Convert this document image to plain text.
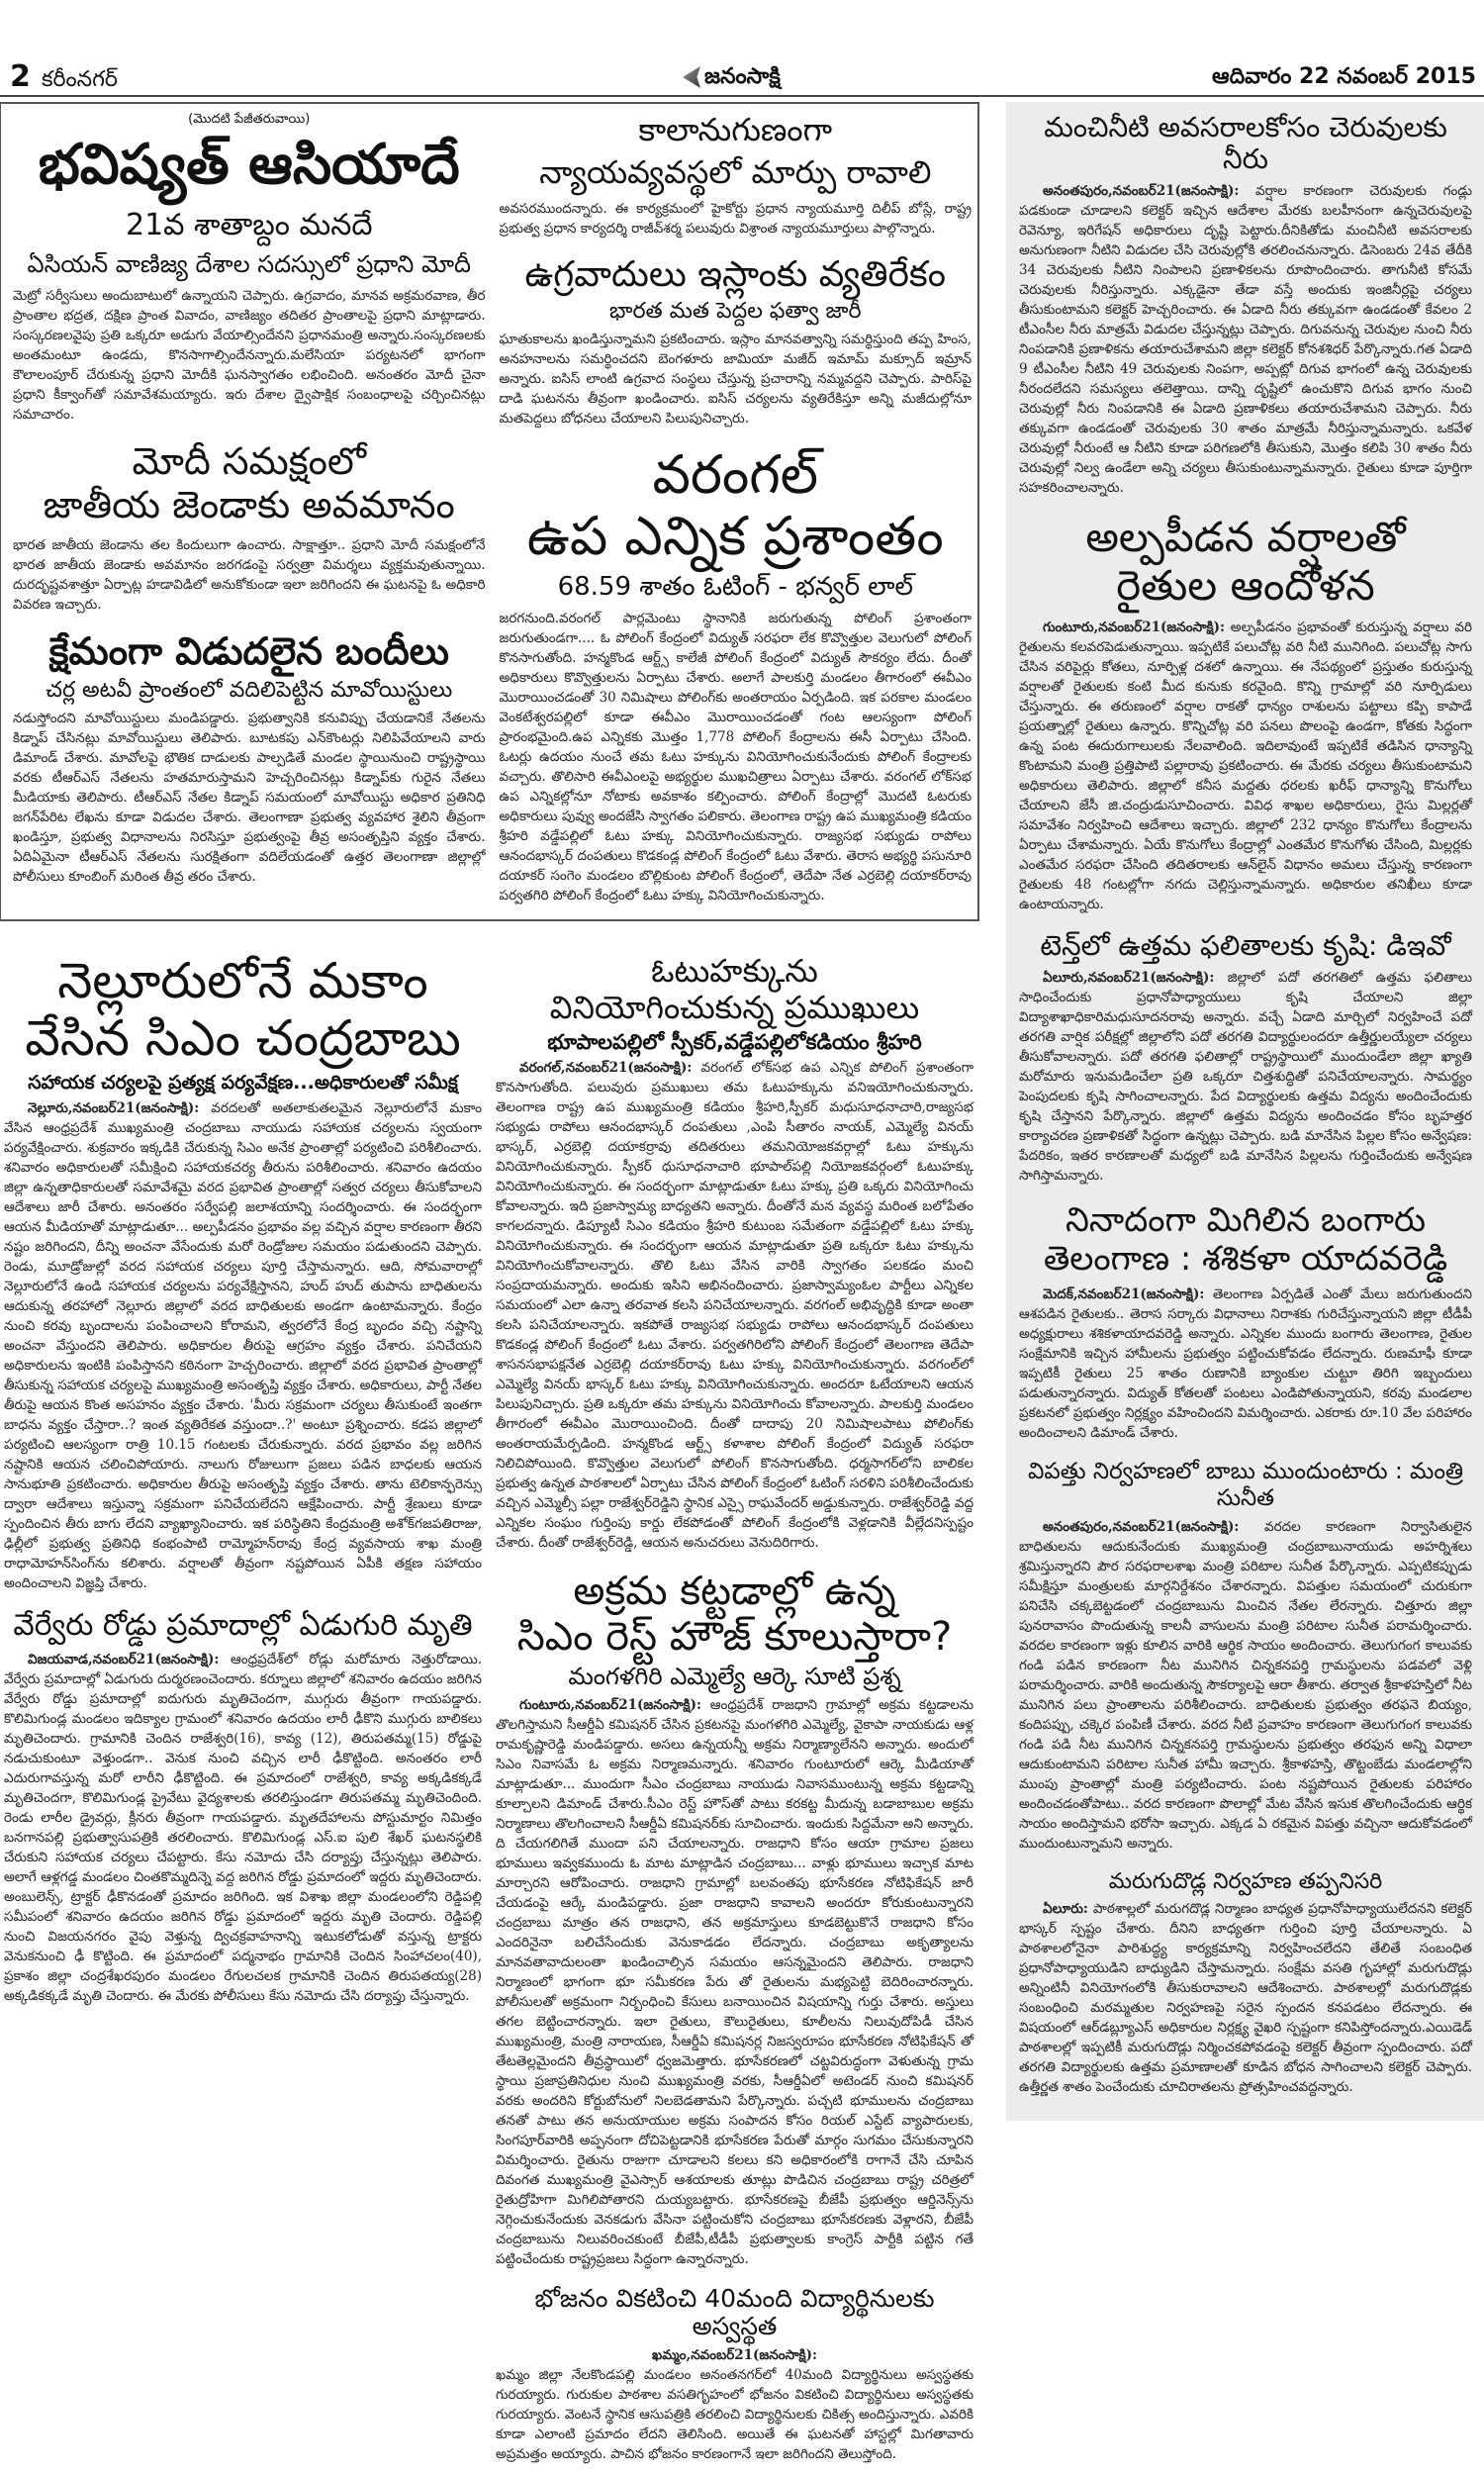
2 కరీంనగర్	జనంసాక్షి	ఆదివారం 22 నవంబర్ 2015

(మొదటి పేజీతరువాయి)

భవిష్యత్ ఆసియాదే
21వ శాతాబ్దం మనదే
ఏసియన్ వాణిజ్య దేశాల సదస్సులో ప్రధాని మోదీ

మెట్రో సర్వీసులు అందుబాటులో ఉన్నాయని చెప్పారు. ఉగ్రవాదం, మానవ అక్రమరవాణ, తీర ప్రాంతాల భద్రత, దక్షిణ ప్రాంత వివాదం, వాణిజ్యం తదితర ప్రాంతాలపై ప్రధాని మాట్లాడారు. సంస్కరణలవైపు ప్రతి ఒక్కరూ అడుగు వేయాల్సిందేనని ప్రధానమంత్రి అన్నారు.సంస్కరణలకు అంతమంటూ ఉండదు, కొనసాగాల్సిందేనన్నారు.మలేసియా పర్యటనలో భాగంగా కౌలాలంపూర్ చేరుకున్న ప్రధాని మోదీకి ఘనస్వాగతం లభించింది. అనంతరం మోదీ చైనా ప్రధాని కీక్వాంగ్‌తో సమావేశమయ్యారు. ఇరు దేశాల ద్వైపాక్షిక సంబంధాలపై చర్చించినట్లు సమాచారం.

మోదీ సమక్షంలో
జాతీయ జెండాకు అవమానం

భారత జాతీయ జెండాను తల కిందులుగా ఉంచారు. సాక్షాత్తూ.. ప్రధాని మోదీ సమక్షంలోనే భారత జాతీయ జెండాకు అవమానం జరగడంపై సర్వత్రా విమర్శలు వ్యక్తమవుతున్నాయి. దురదృష్టవశాత్తూ ఏర్పాట్ల హడావిడిలో అనుకోకుండా ఇలా జరిగిందని ఈ ఘటనపై ఓ అధికారి వివరణ ఇచ్చారు.

క్షేమంగా విడుదలైన బందీలు
చర్ల అటవీ ప్రాంతంలో వదిలిపెట్టిన మావోయిస్టులు

నడుస్తోందని మావోయిస్టులు మండిపడ్డారు. ప్రభుత్వానికి కనువిప్పు చేయడానికే నేతలను కిడ్నాప్ చేసినట్లు మావోయిస్టులు తెలిపారు. బూటకపు ఎన్‌కౌంటర్లు నిలిపివేయాలని వారు డిమాండ్ చేశారు. మావోలపై భౌతిక దాడులకు పాల్పడితే మండల స్థాయినుంచి రాష్ట్రస్థాయి వరకు టీఆర్ఎస్ నేతలను హతమారుస్తామని హెచ్చరించినట్లు కిడ్నాప్‌కు గురైన నేతలు మీడియాకు తెలిపారు. టీఆర్ఎస్ నేతల కిడ్నాప్ సమయంలో మావోయిస్టు అధికార ప్రతినిధి జగన్‌పేరిట లేఖను కూడా విడుదల చేశారు. తెలంగాణా ప్రభుత్వ వ్యవహార శైలిని తీవ్రంగా ఖండిస్తూ, ప్రభుత్వ విధానాలను నిరసిస్తూ ప్రభుత్వంపై తీవ్ర అసంతృప్తిని వ్యక్తం చేశారు. ఏదిఏమైనా టీఆర్ఎస్ నేతలను సురక్షితంగా వదిలేయడంతో ఉత్తర తెలంగాణా జిల్లాల్లో పోలీసులు కూంబింగ్ మరింత తీవ్ర తరం చేశారు.

కాలానుగుణంగా
న్యాయవ్యవస్థలో మార్పు రావాలి

అవసరముందన్నారు. ఈ కార్యక్రమంలో హైకోర్టు ప్రధాన న్యాయమూర్తి దిలీప్ బోస్లే, రాష్ట్ర ప్రభుత్వ ప్రధాన కార్యదర్శి రాజీవ్‌శర్మ పలువురు విశ్రాంత న్యాయమూర్తులు పాల్గొన్నారు.

ఉగ్రవాదులు ఇస్లాంకు వ్యతిరేకం
భారత మత పెద్దల ఫత్వా జారీ

ఘాతుకాలను ఖండిస్తున్నామని ప్రకటించారు. ఇస్లాం మానవత్వాన్ని సమర్థిస్తుంది తప్ప హింస, అనహనాలను సమర్థించదని బెంగళూరు జామియా మజీద్ ఇమామ్ మక్సూద్ ఇమ్రాన్ అన్నారు. ఐసిస్ లాంటి ఉగ్రవాద సంస్థలు చేస్తున్న ప్రచారాన్ని నమ్మవద్దని చెప్పారు. పారిస్‌పై దాడి ఘటనను తీవ్రంగా ఖండించారు. ఐసిస్ చర్యలను వ్యతిరేకిస్తూ అన్ని మజీదుల్లోనూ మతపెద్దలు బోధనలు చేయాలని పిలుపునిచ్చారు.

వరంగల్
ఉప ఎన్నిక ప్రశాంతం
68.59 శాతం ఓటింగ్ - భన్వర్ లాల్

జరగనుంది.వరంగల్ పార్లమెంటు స్థానానికి జరుగుతున్న పోలింగ్ ప్రశాంతంగా జరుగుతుండగా.... ఓ పోలింగ్ కేంద్రంలో విద్యుత్ సరఫరా లేక కొవ్వొత్తుల వెలుగులో పోలింగ్ కొనసాగుతోంది. హన్మకొండ ఆర్ట్స్ కాలేజీ పోలింగ్ కేంద్రంలో విద్యుత్ సౌకర్యం లేదు. దీంతో అధికారులు కొవ్వొత్తులను ఏర్పాటు చేశారు. అలాగే పాలకుర్తి మండలం తీగారంలో ఈవీఎం మొరాయించడంతో 30 నిమిషాలు పోలింగ్‌కు అంతరాయం ఏర్పడింది. ఇక పరకాల మండలం వెంకటేశ్వరపల్లిలో కూడా ఈవీఎం మొరాయించడంతో గంట ఆలస్యంగా పోలింగ్ ప్రారంభమైంది.ఉప ఎన్నికకు మొత్తం 1,778 పోలింగ్ కేంద్రాలను ఈసీ ఏర్పాటు చేసింది. ఓటర్లు ఉదయం నుంచే తమ ఓటు హక్కును వినియోగించుకునేందుకు పోలింగ్ కేంద్రాలకు వచ్చారు. తొలిసారి ఈవీఎంలపై అభ్యర్థుల ముఖచిత్రాలు ఏర్పాటు చేశారు. వరంగల్ లోక్‌సభ ఉప ఎన్నికల్లోనూ నోటాకు అవకాశం కల్పించారు. పోలింగ్ కేంద్రాల్లో మొదటి ఓటరుకు అధికారులు పువ్వు అందజేసి స్వాగతం పలికారు. తెలంగాణ రాష్ట్ర ఉప ముఖ్యమంత్రి కడియం శ్రీహరి వడ్డేపల్లిలో ఓటు హక్కు వినియోగించుకున్నారు. రాజ్యసభ సభ్యుడు రాపోలు ఆనందభాస్కర్ దంపతులు కొడకండ్ల పోలింగ్ కేంద్రంలో ఓటు వేశారు. తెరాస అభ్యర్థి పసునూరి దయాకర్ సంగెం మండలం బొల్లికుంట పోలింగ్ కేంద్రంలో, తెదేపా నేత ఎర్రబెల్లి దయాకర్‌రావు పర్వతగిరి పోలింగ్ కేంద్రంలో ఓటు హక్కు వినియోగించుకున్నారు.

నెల్లూరులోనే మకాం
వేసిన సిఎం చంద్రబాబు
సహాయక చర్యలపై ప్రత్యక్ష పర్యవేక్షణ...అధికారులతో సమీక్ష

నెల్లూరు,నవంబర్21(జనంసాక్షి): వరదలతో అతలాకుతలమైన నెల్లూరులోనే మకాం వేసిన ఆంధ్రప్రదేశ్ ముఖ్యమంత్రి చంద్రబాబు నాయుడు సహాయక చర్యలను స్వయంగా పర్యవేక్షించారు. శుక్రవారం ఇక్కడికి చేరుకున్న సిఎం అనేక ప్రాంతాల్లో పర్యటించి పరిశీలించారు. శనివారం అధికారులతో సమీక్షించి సహాయకచర్య తీరును పరిశీలించారు. శనివారం ఉదయం జిల్లా ఉన్నతాధికారులతో సమావేశమై వరద ప్రభావిత ప్రాంతాల్లో సత్వర చర్యలు తీసుకోవాలని ఆదేశాలు జారీ చేశారు. అనంతరం సర్వేపల్లి జలాశయాన్ని సందర్శించారు. ఈ సందర్భంగా ఆయన మీడియాతో మాట్లాడుతూ... అల్పపీడనం ప్రభావం వల్ల వచ్చిన వర్షాల కారణంగా తీరని నష్టం జరిగిందని, దీన్ని అంచనా వేసేందుకు మరో రెండ్రోజుల సమయం పడుతుందని చెప్పారు. రెండు, మూడ్రోజుల్లో వరద సహాయక చర్యలు పూర్తి చేస్తామన్నారు. ఆది, సోమవారాల్లో నెల్లూరులోనే ఉండి సహాయక చర్యలను పర్యవేక్షిస్తానని, హుద్ హుద్ తుపాను బాధితులను ఆదుకున్న తరహాలో నెల్లూరు జిల్లాలో వరద బాధితులకు అండగా ఉంటామన్నారు. కేంద్రం నుంచి కరవు బృందాలను పంపించాలని కోరామని, త్వరలోనే కేంద్ర బృందం వచ్చి నష్టాన్ని అంచనా వేస్తుందని తెలిపారు. అధికారుల తీరుపై ఆగ్రహం వ్యక్తం చేశారు. పనిచేయని అధికారులను ఇంటికి పంపిస్తానని కఠినంగా హెచ్చరించారు. జిల్లాలో వరద ప్రభావిత ప్రాంతాల్లో తీసుకున్న సహాయక చర్యలపై ముఖ్యమంత్రి అసంతృప్తి వ్యక్తం చేశారు. అధికారులు, పార్టీ నేతల తీరుపై ఆయన కొంత అసహనం వ్యక్తం చేశారు. 'మీరు సక్రమంగా చర్యలు తీసుకుంటే ఇంతగా బాధను వ్యక్తం చేస్తారా..? ఇంత వ్యతిరేకత వస్తుందా..?' అంటూ ప్రశ్నించారు. కడప జిల్లాలో పర్యటించి ఆలస్యంగా రాత్రి 10.15 గంటలకు చేరుకున్నారు. వరద ప్రభావం వల్ల జరిగిన నష్టానికి ఆయన చలించిపోయారు. నాలుగు రోజులుగా ప్రజలు పడిన బాధలకు ఆయన సానుభూతి ప్రకటించారు. అధికారుల తీరుపై అసంతృప్తి వ్యక్తం చేశారు. తాను టెలికాన్ఫరెన్సు ద్వారా ఆదేశాలు ఇస్తున్నా సక్రమంగా పనిచేయలేదని ఆక్షేపించారు. పార్టీ శ్రేణులు కూడా స్పందించిన తీరు బాగు లేదని వ్యాఖ్యానించారు. ఇక పరిస్థితిని కేంద్రమంత్రి అశోక్‌గజపతిరాజు, ఢిల్లీలో ప్రభుత్వ ప్రతినిధి కంభంపాటి రామ్మోహన్‌రావు కేంద్ర వ్యవసాయ శాఖ మంత్రి రాధామోహన్‌సింగ్‌ను కలిశారు. వర్షాలతో తీవ్రంగా నష్టపోయిన ఏపీకి తక్షణ సహాయం అందించాలని విజ్ఞప్తి చేశారు.

వేర్వేరు రోడ్డు ప్రమాదాల్లో ఏడుగురి మృతి

విజయవాడ,నవంబర్21(జనంసాక్షి): ఆంధ్రప్రదేశ్‌లో రోడ్లు మరోమారు నెత్తురోడాయి. వేర్వేరు ప్రమాదాల్లో ఏడుగురు దుర్మరణంచెందారు. కర్నూలు జిల్లాలో శనివారం ఉదయం జరిగిన వేర్వేరు రోడ్డు ప్రమాదాల్లో ఐదుగురు మృతిచెందగా, ముగ్గురు తీవ్రంగా గాయపడ్డారు. కొలిమిగుండ్ల మండలం ఇదిక్యాల గ్రామంలో శనివారం ఉదయం లారీ ఢీకొని ముగ్గురు బాలికలు మృతిచెందారు. గ్రామానికి చెందిన రాజేశ్వరి(16), కావ్య (12), తిరుపతమ్మ(15) రోడ్డుపై నడుచుకుంటూ వెళ్తుండగా.. వెనుక నుంచి వచ్చిన లారీ ఢీకొట్టింది. అనంతరం లారీ ఎదురుగావస్తున్న మరో లారీని ఢీకొట్టింది. ఈ ప్రమాదంలో రాజేశ్వరి, కావ్య అక్కడికక్కడే మృతిచెందగా, కొలిమిగుండ్ల ప్రైవేటు వైద్యశాలకు తరలిస్తుండగా తిరుపతమ్మ మృతిచెందింది. రెండు లారీల డ్రైవర్లు, క్లీనరు తీవ్రంగా గాయపడ్డారు. మృతదేహాలను పోస్టుమార్టం నిమిత్తం బనగానపల్లి ప్రభుత్వాసుపత్రికి తరలించారు. కొలిమిగుండ్ల ఎస్.ఐ పులి శేఖర్ ఘటనస్థలికి చేరుకుని సహాయక చర్యలు చేపట్టారు. కేసు నమోదు చేసి దర్యాప్తు చేస్తున్నట్లు తెలిపారు. అలాగే ఆళ్లగడ్డ మండలం చింతకొమ్మదిన్నె వద్ద జరిగిన రోడ్డు ప్రమాదంలో ఇద్దరు మృతిచెందారు. అంబులెన్స్, ట్రాక్టర్ ఢీకొనడంతో ప్రమాదం జరిగింది. ఇక విశాఖ జిల్లా మండలంలోని రెడ్డిపల్లి సమీపంలో శనివారం ఉదయం జరిగిన రోడ్డు ప్రమాదంలో ఇద్దరు మృతి చెందారు. రెడ్డిపల్లి నుంచి విజయనగరం వైపు వెళ్తున్న ద్విచక్రవాహనాన్ని ఇటుకలోడుతో వస్తున్న ట్రాక్టరు వెనుకనుంచి ఢీ కొట్టింది. ఈ ప్రమాదంలో పద్మనాభం గ్రామానికి చెందిన సింహాచలం(40), ప్రకాశం జిల్లా చంద్రశేఖరపురం మండలం రేగులచలక గ్రామానికి చెందిన తిరుపతయ్య(28) అక్కడికక్కడే మృతి చెందారు. ఈ మేరకు పోలీసులు కేసు నమోదు చేసి దర్యాప్తు చేస్తున్నారు.

ఓటుహక్కును
వినియోగించుకున్న ప్రముఖులు
భూపాలపల్లిలో స్పీకర్,వడ్డేపల్లిలోకడియం శ్రీహరి

వరంగల్,నవంబర్21(జనంసాక్షి): వరంగల్ లోక్‌సభ ఉప ఎన్నిక పోలింగ్ ప్రశాంతంగా కొనసాగుతోంది. పలువురు ప్రముఖులు తమ ఓటుహక్కును వనిఇయోగించుకున్నారు. తెలంగాణ రాష్ట్ర ఉప ముఖ్యమంత్రి కడియం శ్రీహరి,స్పీకర్ మధుసూధనాచారి,రాజ్యసభ సభ్యుడు రాపోలు ఆనందభాస్కర్ దంపతులు ,ఎంపి సీతారం నాయక్, ఎమ్మెల్యే వినయ్ భాస్కర్, ఎర్రబెల్లి దయాకర్రావు తదితరులు తమనియోజకవర్గాల్లో ఓటు హక్కును వినియోగించుకున్నారు. స్పీకర్ ధుసూధనాచారి భూపాల్‌పల్లి నియోజకవర్గంలో ఓటుహక్కు వినియోగించుకున్నారు. ఈ సందర్భంగా మాట్లాడుతూ ఓటు హక్కు ప్రతి ఒక్కరు వినియోగించు కోవాలన్నారు. ఇది ప్రజాస్వామ్య బాధ్యతని అన్నారు. దీంతోనే మన వ్యవస్థ మరింత బలోపేతం కాగలదన్నారు. డిప్యూటీ సిఎం కడియం శ్రీహరి కుటుంబ సమేతంగా వడ్డేపల్లిలో ఓటు హక్కు వినియోగించుకున్నారు. ఈ సందర్భంగా ఆయన మాట్లాడుతూ ప్రతి ఒక్కరూ ఓటు హక్కును వినియోగించుకోవాలన్నారు. తొలి ఓటు వేసిన వారికి స్వాగతం పలకడం మంచి సంప్రదాయమన్నారు. అందుకు ఇసిని అభినందించారు. ప్రజాస్వామ్యంఓల పార్టీలు ఎన్నికల సమయంలో ఎలా ఉన్నా తరవాత కలసి పనిచేయాలన్నారు. వరగంల్ అభివృద్ధికి కూడా అంతా కలసి పనిచేయాలన్నారు. ఇకపోతే రాజ్యసభ సభ్యుడు రాపోలు ఆనందభాస్కర్ దంపతులు కొడకండ్ల పోలింగ్ కేంద్రంలో ఓటు వేశారు. పర్వతగిరిలోని పోలింగ్ కేంద్రంలో తెలంగాణ తెదేపా శాసనసభాపక్షనేత ఎర్రబెల్లి దయాకర్‌రావు ఓటు హక్కు వినియోగించుకున్నారు. వరగంల్‌లో ఎమ్మెల్యే వినయ్ భాస్కర్ ఓటు హక్కు వినియోగించుకున్నారు. అందరూ ఓటేయాలని ఆయన పిలుపునిచ్చారు. ప్రతి ఒక్కరూ తమ హక్కును వినియోగించు కోవాలన్నారు. పాలకుర్తి మండలం తీగారంలో ఈవీఎం మొరాయించింది. దీంతో దాదాపు 20 నిమిషాలపాటు పోలింగ్‌కు అంతరాయమేర్పడింది. హన్మకొండ ఆర్ట్స్ కళాశాల పోలింగ్ కేంద్రంలో విద్యుత్ సరఫరా నిలిచిపోయింది. కొవ్వొత్తుల వెలుగులో పోలింగ్ కొనసాగుతోంది. ధర్మసాగర్‌లోని బాలికల ప్రభుత్వ ఉన్నత పాఠశాలలో ఏర్పాటు చేసిన పోలింగ్ కేంద్రంలో ఓటింగ్ సరళిని పరిశీలించేందుకు వచ్చిన ఎమ్మెల్సీ పల్లా రాజేశ్వర్‌రెడ్డిని స్థానిక ఎస్సై రాఘవేందర్ అడ్డుకున్నారు. రాజేశ్వర్‌రెడ్డి వద్ద ఎన్నికల సంఘం గుర్తింపు కార్డు లేకపోడంతో పోలింగ్ కేంద్రంలోకి వెళ్లడానికి వీల్లేదనిస్పష్టం చేశారు. దీంతో రాజేశ్వర్‌రెడ్డి, ఆయన అనుచరులు వెనుదిరిగారు.

అక్రమ కట్టడాల్లో ఉన్న
సిఎం రెస్ట్ హౌజ్ కూలుస్తారా?
మంగళగిరి ఎమ్మెల్యే ఆర్కె సూటి ప్రశ్న

గుంటూరు,నవంబర్21(జనంసాక్షి): ఆంధ్రప్రదేశ్ రాజధాని గ్రామాల్లో అక్రమ కట్టడాలను తొలగిస్తామని సీఆర్డీఏ కమిషనర్ చేసిన ప్రకటనపై మంగళగిరి ఎమ్మెల్యే, వైకాపా నాయకుడు ఆళ్ల రామకృష్ణారెడ్డి మండిపడ్డారు. అసలు ఉన్నయన్నీ అక్రమ నిర్మాణ్యాలేనని అన్నారు. అందులో సిఎం నివాసమే ఓ అక్రమ నిర్మాణమన్నారు. శనివారం గుంటూరులో ఆర్కె మీడియాతో మాట్లాడుతూ... ముందుగా సీఎం చంద్రబాబు నాయుడు నివాసముంటున్న అక్రమ కట్టడాన్ని కూల్చాలని డిమాండ్ చేశారు.సీఎం రెస్ట్ హౌస్‌తో పాటు కరకట్ట మీదున్న బడాబాబుల అక్రమ నిర్మాణాలు తొలగించాలని సీఆర్డీఏ కమిషనర్‌కు సూచించారు. ఇందుకు సిద్దమేనా అని అన్నారు. ది చేయగలిగితే ముందా పని చేయాలన్నారు. రాజధాని కోసం ఆయా గ్రామాల ప్రజలు భూములు ఇవ్వకముందు ఓ మాట మాట్లాడిన చంద్రబాబు... వాళ్లు భూములు ఇచ్చాక మాట మార్చారని ఆరోపించారు. రాజధాని గ్రామాల్లో బలవంతపు భూసేకరణ నోటిఫికేషన్ జారీ చేయడంపై ఆర్కే మండిపడ్డారు. ప్రజా రాజధాని కావాలని అందరూ కోరుకుంటున్నారని చంద్రబాబు మాత్రం తన రాజధాని, తన అక్రమాస్తులు కూడబెట్టుకొనే రాజధాని కోసం ఎందరినైనా బలిచేసేందుకు వెనుకాడడం లేదన్నారు. చంద్రబాబు అకృత్యాలను మానవతావాదులంతా ఖండించాల్సిన సమయం ఆసన్నమైందని తెలిపారు. రాజధాని నిర్మాణంలో భాగంగా భూ సమీకరణ పేరు తో రైతులను మభ్యపెట్టి బెదిరించారన్నారు. పోలీసులతో అక్రమంగా నిర్బంధించి కేసులు బనాయించిన విషయాన్ని గుర్తు చేశారు. అస్తులు తగల బెట్టించారన్నారు. ఇలా రైతులు, కౌలురైతులు, కూలీలను నిలువుదోపిడీ చేసిన ముఖ్యమంత్రి, మంత్రి నారాయణ, సీఆర్డీఏ కమిషనర్ల నిజస్వరూపం భూసేకరణ నోటిఫికేషన్ తో తేటతెల్లమైందని తీవ్రస్థాయిలో ధ్వజమెత్తారు. భూసేకరణలో చట్టవిరుద్ధంగా వెళుతున్న గ్రామ స్థాయి ప్రజాప్రతినిధుల నుంచి ముఖ్యమంత్రి వరకు, సీఆర్డీఏలో అటెండర్ నుంచి కమిషనర్ వరకు అందరిని కోర్టుబోనులో నిలబెడతామని పేర్కొన్నారు. పచ్చటి భూములను చంద్రబాబు తనతో పాటు తన అనుయాయుల అక్రమ సంపాదన కోసం రియల్ ఎస్టేట్ వ్యాపారులకు, సింగపూర్‌వారికి అప్పనంగా దోచిపెట్టడానికి భూసేకరణ పేరుతో మార్గం సుగమం చేసుకున్నారని విమర్శించారు. రైతును రాజుగా చూడాలని కలలు కని అధికారంలోకి రాగానే చేసి చూపిన దివంగత ముఖ్యమంత్రి వైఎస్సార్ ఆశయాలకు తూట్లు పొడిచిన చంద్రబాబు రాష్ట్ర చరిత్రలో రైతుద్రోహిగా మిగిలిపోతారని దుయ్యబట్టారు. భూసేకరణపై బీజేపీ ప్రభుత్వం ఆర్డినెన్స్‌ను నెగ్గించుకునేందుకు వెనకడుగు వేసినా పట్టించుకోని చంద్రబాబు భూసేకరణకు వెళ్లారని, బీజేపీ చంద్రబాబును నిలువరించకుంటే బీజేపీ,టీడీపీ ప్రభుత్వాలకు కాంగ్రెస్ పార్టీకి పట్టిన గతే పట్టించేందుకు రాష్ట్రప్రజలు సిద్ధంగా ఉన్నారన్నారు.

భోజనం వికటించి 40మంది విద్యార్థినులకు అస్వస్థత

ఖమ్మం,నవంబర్21(జనంసాక్షి):

ఖమ్మం జిల్లా నేలకొండపల్లి మండలం అనంతనగర్‌లో 40మంది విద్యార్థినులు అస్వస్థతకు గురయ్యారు. గురుకుల పాఠశాల వసతిగృహంలో భోజనం వికటించి విద్యార్థినులు అస్వస్థతకు గురయ్యారు. వెంటనే స్థానిక ఆసుపత్రికి తరలించి విద్యార్థినులకు చికిత్స అందిస్తున్నారు. ఎవరికి కూడా ఎలాంటి ప్రమాదం లేదని తెలిసింది. అయితే ఈ ఘటనతో హాస్టల్లో మిగతావారు అప్రమత్తం అయ్యారు. పాచిన భోజనం కారణంగానే ఇలా జరిగిందని తెలుస్తోంది.

మంచినీటి అవసరాలకోసం చెరువులకు నీరు

అనంతపురం,నవంబర్21(జనంసాక్షి): వర్షాల కారణంగా చెరువులకు గండ్లు పడకుండా చూడాలని కలెక్టర్ ఇచ్చిన ఆదేశాల మేరకు బలహీనంగా ఉన్నచెరువులపై రెవెన్యూ, ఇరిగేషన్ అధికారులు దృష్టి పెట్టారు.దీనికితోడు మంచినీటి అవసరాలకు అనుగుణంగా నీటిని విడుదల చేసి చెరువుల్లోకి తరలించనున్నారు. డిసెంబరు 24వ తేదీకి 34 చెరువులకు నీటిని నింపాలని ప్రణాళికలను రూపొందించారు. తాగునీటి కోసమే చెరువులకు నీరిస్తున్నారు. ఎక్కడైనా తేడా వస్తే అందుకు ఇంజినీర్లపై చర్యలు తీసుకుంటామని కలెక్టర్ హెచ్చరించారు. ఈ ఏడాది నీరు తక్కువగా ఉండడంతో కేవలం 2 టీఎంసీల నీరు మాత్రమే విడుదల చేస్తున్నట్లు చెప్పారు. దిగువనున్న చెరువుల నుంచి నీరు నింపడానికి ప్రణాళికను తయారుచేశామని జిల్లా కలెక్టర్ కోనశశిధర్ పేర్కొన్నారు.గత ఏడాది 9 టీఎంసీల నీటిని 49 చెరువులకు నింపగా, అప్పట్లో దిగువ భాగంలో ఉన్న చెరువులకు నీరందలేదని సమస్యలు తలెత్తాయి. దాన్ని దృష్టిలో ఉంచుకొని దిగువ భాగం నుంచి చెరువుల్లో నీరు నింపడానికి ఈ ఏడాది ప్రణాళికలు తయారుచేశామని చెప్పారు. నీరు తక్కువగా ఉండడంతో చెరువులకు 30 శాతం మాత్రమే నీరిస్తున్నామన్నారు. ఒకవేళ చెరువుల్లో నీరుంటే ఆ నీటిని కూడా పరిగణలోకి తీసుకుని, మొత్తం కలిపి 30 శాతం నీరు చెరువుల్లో నిల్వ ఉండేలా అన్ని చర్యలు తీసుకుంటున్నామన్నారు. రైతులు కూడా పూర్తిగా సహకరించాలన్నారు.

అల్పపీడన వర్షాలతో
రైతుల ఆందోళన

గుంటూరు,నవంబర్21(జనంసాక్షి): అల్పపీడనం ప్రభావంతో కురుస్తున్న వర్షాలు వరి రైతులను కలవరపెడుతున్నాయి. ఇప్పటికే పలుచోట్ల వరి నీటి మునిగింది. పలుచోట్ల సాగు చేసిన వరిపైర్లు కోతలు, నూర్పిళ్ల దశలో ఉన్నాయి. ఈ నేపథ్యంలో ప్రస్తుతం కురుస్తున్న వర్షాలతో రైతులకు కంటి మీద కునుకు కరవైంది. కొన్ని గ్రామాల్లో వరి నూర్పిడులు చేస్తున్నారు. ఈ తరుణంలో వర్షాల రాకతో ధాన్యం రాశులను పట్టాలు కప్పి కాపాడే ప్రయత్నాల్లో రైతులు ఉన్నారు. కొన్నిచోట్ల వరి పనలు పొలంపై ఉండగా, కోతకు సిద్ధంగా ఉన్న పంట ఈదురుగాలులకు నేలవాలింది. ఇదిలావుంటే ఇప్పటికే తడిసిన ధాన్యాన్ని కొంటామని మంత్రి ప్రత్తిపాటి పల్లారావు ప్రకటించారు. ఈ మేరకు చర్యలు తీసుకుంటామని అధికారులు తెలిపారు. జిల్లాలో కనీస మద్దతు ధరలకు ఖరీఫ్ ధాన్యాన్ని కొనుగోలు చేయాలని జేసీ జి.చంద్రుడుసూచించారు. వివిధ శాఖల అధికారులు, రైసు మిల్లర్లతో సమావేశం నిర్వహించి ఆదేశాలు ఇచ్చారు. జిల్లాలో 232 ధాన్యం కొనుగోలు కేంద్రాలను ఏర్పాటు చేశామన్నారు. ఏయే కొనుగోలు కేంద్రాల్లో ఎంతమేర కొనుగోళు చేసింది, మిల్లర్లకు ఎంతమేర సరఫరా చేసింది తదితరాలకు ఆన్‌లైన్ విధానం అమలు చేస్తున్న కారణంగా రైతులకు 48 గంటల్లోగా నగదు చెల్లిస్తున్నామన్నారు. అధికారుల తనిఖీలు కూడా ఉంటాయన్నారు.

టెన్త్‌లో ఉత్తమ ఫలితాలకు కృషి: డిఇవో

ఏలూరు,నవంబర్21(జనంసాక్షి): జిల్లాలో పదో తరగతిలో ఉత్తమ ఫలితాలు సాధించేందుకు ప్రధానోపాధ్యాయులు కృషి చేయాలని జిల్లా విద్యాశాఖాధికారిమధుసూదనరావు అన్నారు. వచ్చే ఏడాది మార్చిలో నిర్వహించే పదో తరగతి వార్షిక పరీక్షల్లో జిల్లాలోని పదో తరగతి విద్యార్థులందరూ ఉత్తీర్ణులయ్యేలా చర్యలు తీసుకోవాలన్నారు. పదో తరగతి ఫలితాల్లో రాష్ట్రస్థాయిలో ముందుండేలా జిల్లా ఖ్యాతి మరోమారు ఇనుమడించేలా ప్రతి ఒక్కరూ చిత్తశుద్ధితో పనిచేయాలన్నారు. సామర్థ్యం పెంపుదలకు కృషి సాగించాలన్నారు. పేద విద్యార్థులకు ఉత్తమ విద్యను అందించేందుకు కృషి చేస్తానని పేర్కొన్నారు. జిల్లాలో ఉత్తమ విద్యను అందించడం కోసం బృహత్తర కార్యాచరణ ప్రణాళికతో సిద్ధంగా ఉన్నట్లు చెప్పారు. బడి మానేసిన పిల్లల కోసం అన్వేషణ: పేదరికం, ఇతర కారణాలతో మధ్యలో బడి మానేసిన పిల్లలను గుర్తించేందుకు అన్వేషణ సాగిస్తామన్నారు.

నినాదంగా మిగిలిన బంగారు
తెలంగాణ : శశికళా యాదవరెడ్డి

మెదక్,నవంబర్21(జనంసాక్షి): తెలంగాణ ఏర్పడితే ఎంతో మేలు జరుగుతుందని ఆశపడిన రైతులకు.. తెరాస సర్కారు విధానాలు నిరాశకు గురిచేస్తున్నాయని జిల్లా టీడీపీ అధ్యక్షురాలు శశికళాయాదవరెడ్డి అన్నారు. ఎన్నికల ముందు బంగారు తెలంగాణ, రైతుల సంక్షేమానికి ఇచ్చిన హామీలను ప్రభుత్వం పట్టించుకోవడం లేదన్నారు. రుణమాఫీ కూడా ఇప్పటికీ రైతులు 25 శాతం రుణానికి బ్యాంకుల చుట్టూ తిరిగి ఇబ్బందులు పడుతున్నారన్నారు. విద్యుత్ కోతలతో పంటలు ఎండిపోతున్నాయని, కరవు మండలాల ప్రకటనలో ప్రభుత్వం నిర్లక్ష్యం వహించిందని విమర్శించారు. ఎకరాకు రూ.10 వేల పరిహారం అందించాలని డిమాండ్ చేశారు.

విపత్తు నిర్వహణలో బాబు ముందుంటారు : మంత్రి సునీత

అనంతపురం,నవంబర్21(జనంసాక్షి): వరదల కారణంగా నిర్వాసితులైన బాధితులను ఆదుకునేందుకు ముఖ్యమంత్రి చంద్రబాబునాయుడు అహర్నిశలు శ్రమిస్తున్నారని పౌర సరఫరాలశాఖ మంత్రి పరిటాల సునీత పేర్కొన్నారు. ఎప్పటికప్పుడు సమీక్షిస్తూ మంత్రులకు మార్గనిర్దేశనం చేశారన్నారు. విపత్తుల సమయంలో చురుకుగా పనిచేసి చక్కబెట్టడంలో చంద్రబాబును మించిన నేతల లేరన్నారు. చిత్తూరు జిల్లా పునరావాసం పొందుతున్న కాలనీ వాసులను మంత్రి పరిటాల సునీత పరామర్శించారు. వరదల కారణంగా ఇళ్లు కూలిన వారికి ఆర్థిక సాయం అందించారు. తెలుగుగంగ కాలువకు గండి పడిన కారణంగా నీట మునిగిన చిన్నకనపర్తి గ్రామస్థులను పడవలో వెళ్లి పరామర్శించారు. వారికి అందుతున్న సౌకర్యాలపై ఆరా తీశారు. తర్వాత శ్రీకాళహస్తిలో నీట మునిగిన పలు ప్రాంతాలను పరిశీలించారు. బాధితులకు ప్రభుత్వం తరఫనె బియ్యం, కందిపప్పు, చక్కెర పంపిణీ చేశారు. వరద నీటి ప్రవాహం కారణంగా తెలుగుగంగ కాలువకు గండి పడి నీట మునిగిన చిన్నకనపర్తి గ్రామస్థులను ప్రభుత్వం తరఫున అన్ని విధాలా ఆదుకుంటామని పరిటాల సునీత హామీ ఇచ్చారు. శ్రీకాళహస్తి, తొట్టంబేడు మండలాల్లోని ముంపు ప్రాంతాల్లో మంత్రి పర్యటించారు. పంట నష్టపోయిన రైతులకు పరిహారం అందించడంతోపాటు.. వరద కారణంగా పొలాల్లో మేట వేసిన ఇసుక తొలగించేందుకు ఆర్థిక సాయం అందిస్తామని భరోసా ఇచ్చారు. ఎక్కడ ఏ రకమైన విపత్తు వచ్చినా ఆదుకోవడంలో ముందుంటున్నామని అన్నారు.

మరుగుదొడ్ల నిర్వహణ తప్పనిసరి

ఏలూరు: పాఠశాల్లలో మరుగదొడ్ల నిర్మాణం బాధ్యత ప్రధానోపాధ్యాయులేదనని కలెక్టర్ భాస్కర్ స్పష్టం చేశారు. దీనిని బాధ్యతగా గుర్తించి పూర్తి చేయాలన్నారు. ఏ పాఠశాలలోనైనా పారిశుద్ధ్య కార్యక్రమాన్ని నిర్వహించలేదని తేలితే సంబంధిత ప్రధానోపాధ్యాయుడిని బాధ్యుడిని చేస్తామన్నారు. సంక్షేమ వసతి గృహాల్లో మరుగుదొడ్లు అన్నింటినీ వినియోగంలోకి తీసుకురావాలని ఆదేశించారు. పాఠశాలల్లో మరుగుదొడ్లకు సంబంధించి మరమ్మతుల నిర్వహణపై సరైన స్పందన కనపడటం లేదన్నారు. ఈ విషయంలో ఆర్‌డబ్ల్యూఎస్ అధికారుల నిర్లక్ష్య వైఖరి స్పష్టంగా కనిపిస్తోందన్నారు.ఎయిడెడ్ పాఠశాలల్లో ఇప్పటికీ మరుగుదొడ్లు నిర్మించకపోవడంపై కలెక్టర్ తీవ్రంగా స్పందించారు. పదో తరగతి విద్యార్థులకు ఉత్తమ ప్రమాణాలతో కూడిన బోధన సాగించాలని కలెక్టర్ చెప్పారు. ఉత్తీర్ణత శాతం పెంచేందుకు చూచిరాతలను ప్రోత్సహించవద్దన్నారు.
